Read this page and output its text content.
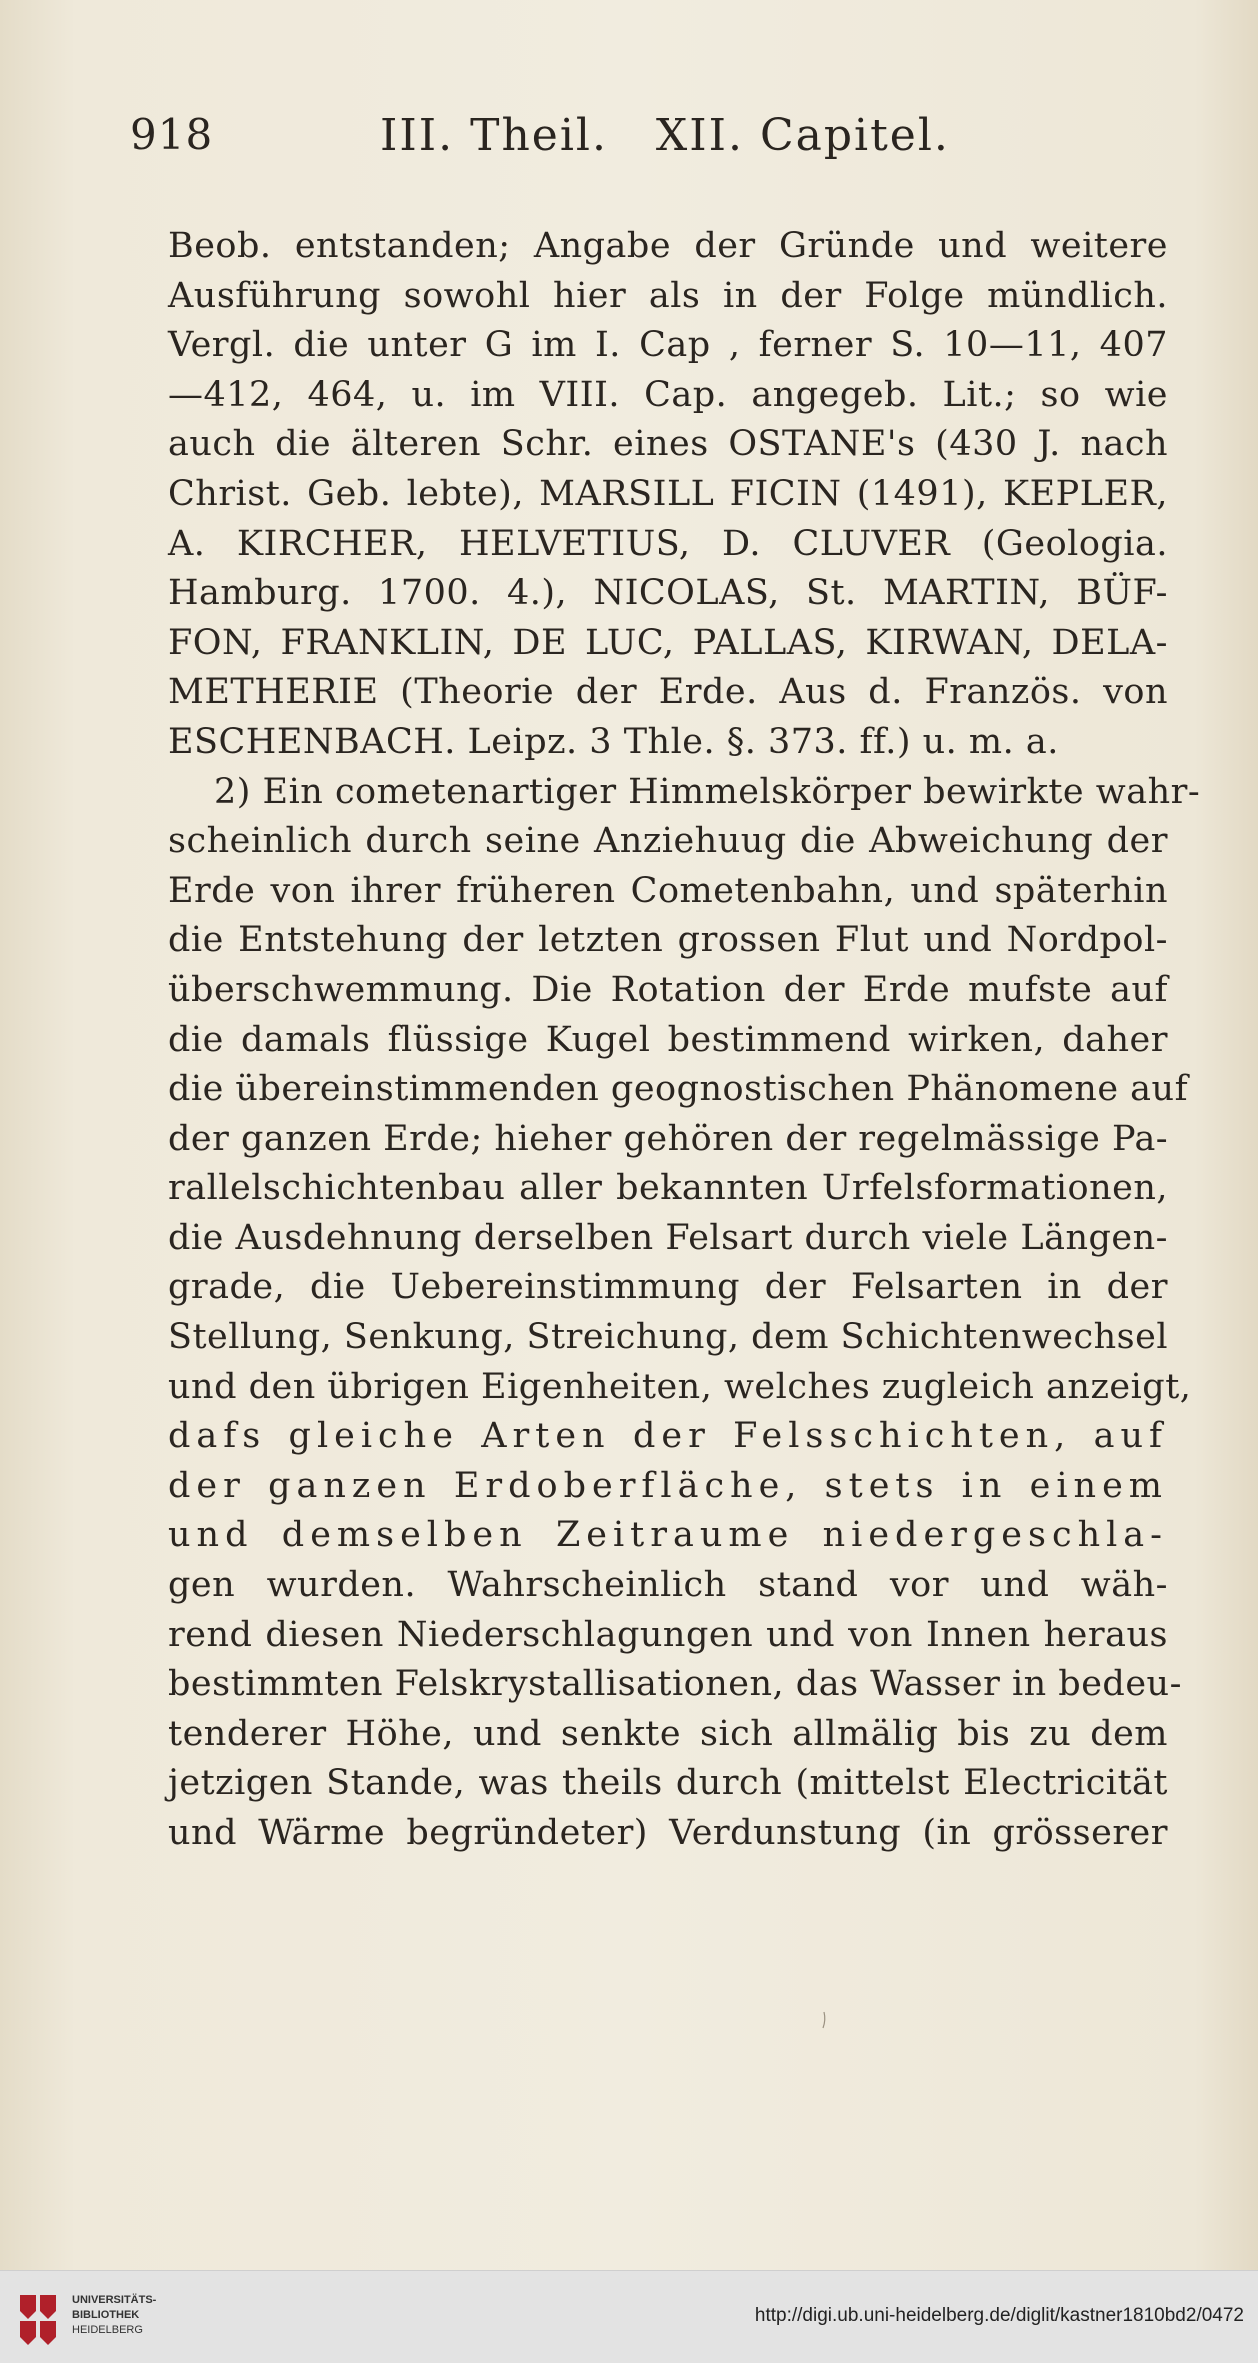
918	III. Theil.   XII. Capitel.
Beob. entstanden; Angabe der Gründe und weitere
Ausführung sowohl hier als in der Folge mündlich.
Vergl. die unter G im I. Cap , ferner S. 10—11, 407
—412, 464, u. im VIII. Cap. angegeb. Lit.; so wie
auch die älteren Schr. eines OSTANE's (430 J. nach
Christ. Geb. lebte), MARSILL FICIN (1491), KEPLER,
A. KIRCHER, HELVETIUS, D. CLUVER (Geologia.
Hamburg. 1700. 4.), NICOLAS, St. MARTIN, BÜF-
FON, FRANKLIN, DE LUC, PALLAS, KIRWAN, DELA-
METHERIE (Theorie der Erde. Aus d. Französ. von
ESCHENBACH. Leipz. 3 Thle. §. 373. ff.) u. m. a.
2) Ein cometenartiger Himmelskörper bewirkte wahr-
scheinlich durch seine Anziehuug die Abweichung der
Erde von ihrer früheren Cometenbahn, und späterhin
die Entstehung der letzten grossen Flut und Nordpol-
überschwemmung. Die Rotation der Erde mufste auf
die damals flüssige Kugel bestimmend wirken, daher
die übereinstimmenden geognostischen Phänomene auf
der ganzen Erde; hieher gehören der regelmässige Pa-
rallelschichtenbau aller bekannten Urfelsformationen,
die Ausdehnung derselben Felsart durch viele Längen-
grade, die Uebereinstimmung der Felsarten in der
Stellung, Senkung, Streichung, dem Schichtenwechsel
und den übrigen Eigenheiten, welches zugleich anzeigt,
dafs gleiche Arten der Felsschichten, auf
der ganzen Erdoberfläche, stets in einem
und demselben Zeitraume niedergeschla-
gen wurden. Wahrscheinlich stand vor und wäh-
rend diesen Niederschlagungen und von Innen heraus
bestimmten Felskrystallisationen, das Wasser in bedeu-
tenderer Höhe, und senkte sich allmälig bis zu dem
jetzigen Stande, was theils durch (mittelst Electricität
und Wärme begründeter) Verdunstung (in grösserer
UNIVERSITÄTS-
BIBLIOTHEK
HEIDELBERG
http://digi.ub.uni-heidelberg.de/diglit/kastner1810bd2/0472
